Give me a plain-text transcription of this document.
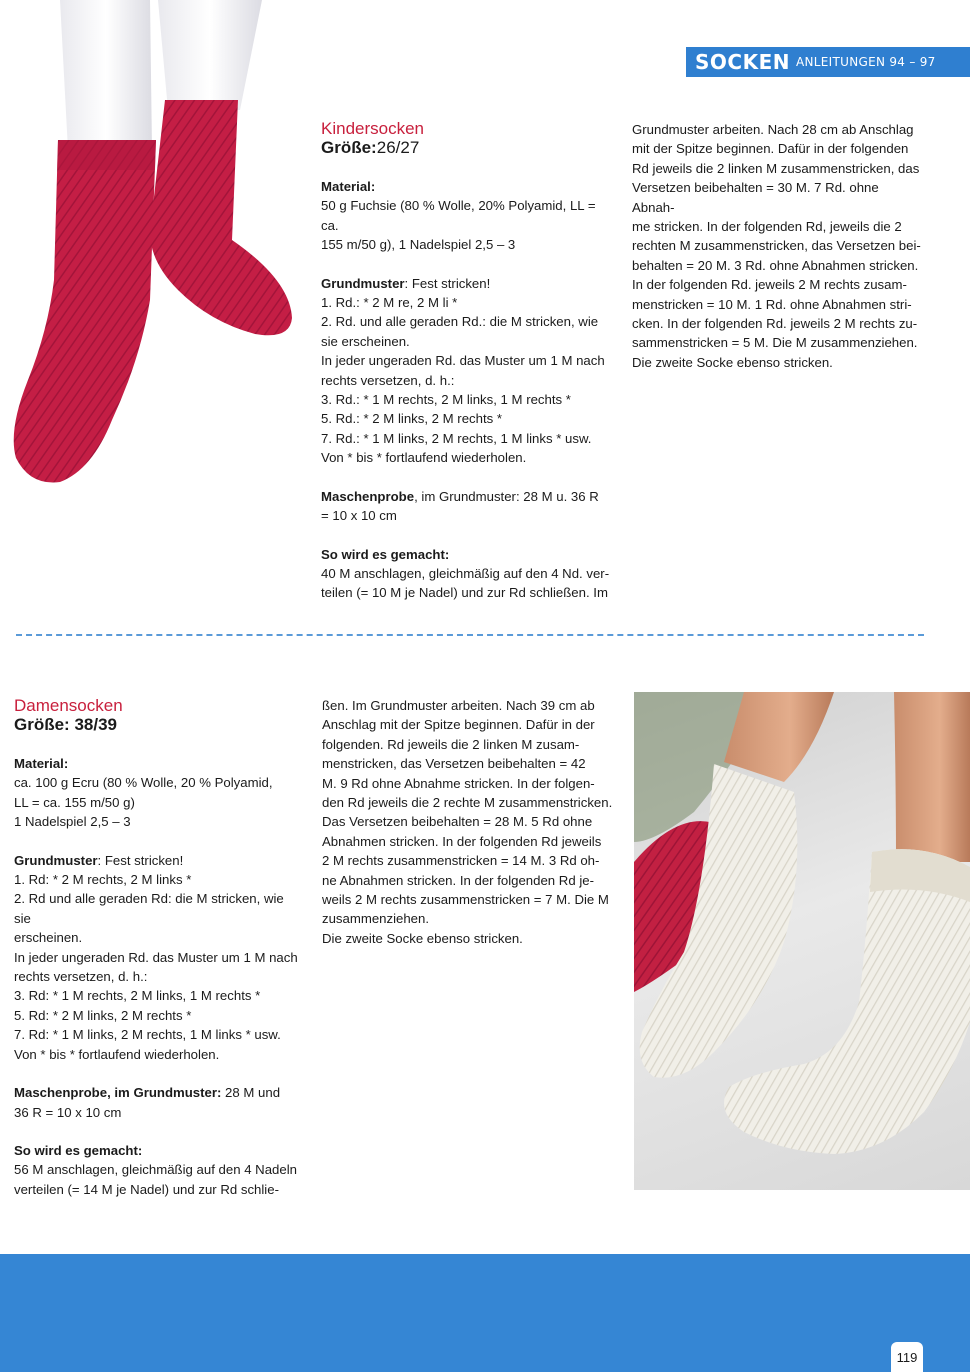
SOCKEN ANLEITUNGEN 94 – 97

Kindersocken

Größe:26/27

Material:

50 g Fuchsie (80 % Wolle, 20% Polyamid, LL = ca.

155 m/50 g), 1 Nadelspiel 2,5 – 3

Grundmuster: Fest stricken!

1. Rd.: * 2 M re, 2 M li *

2. Rd. und alle geraden Rd.: die M stricken, wie

sie erscheinen.

In jeder ungeraden Rd. das Muster um 1 M nach

rechts versetzen, d. h.:

3. Rd.: * 1 M rechts, 2 M links, 1 M rechts *

5. Rd.: * 2 M links, 2 M rechts *

7. Rd.: * 1 M links, 2 M rechts, 1 M links * usw.

Von * bis * fortlaufend wiederholen.

Maschenprobe, im Grundmuster: 28 M u. 36 R

= 10 x 10 cm

So wird es gemacht:

40 M anschlagen, gleichmäßig auf den 4 Nd. ver-

teilen (= 10 M je Nadel) und zur Rd schließen. Im

Grundmuster arbeiten. Nach 28 cm ab Anschlag

mit der Spitze beginnen. Dafür in der folgenden

Rd jeweils die 2 linken M zusammenstricken, das

Versetzen beibehalten = 30 M. 7 Rd. ohne Abnah-

me stricken. In der folgenden Rd, jeweils die 2

rechten M zusammenstricken, das Versetzen bei-

behalten = 20 M. 3 Rd. ohne Abnahmen stricken.

In der folgenden Rd. jeweils 2 M rechts zusam-

menstricken = 10 M. 1 Rd. ohne Abnahmen stri-

cken. In der folgenden Rd. jeweils 2 M rechts zu-

sammenstricken = 5 M. Die M zusammenziehen.

Die zweite Socke ebenso stricken.

Damensocken

Größe: 38/39

Material:

ca. 100 g Ecru (80 % Wolle, 20 % Polyamid,

LL = ca. 155 m/50 g)

1 Nadelspiel 2,5 – 3

Grundmuster: Fest stricken!

1. Rd: * 2 M rechts, 2 M links *

2. Rd und alle geraden Rd: die M stricken, wie sie

erscheinen.

In jeder ungeraden Rd. das Muster um 1 M nach

rechts versetzen, d. h.:

3. Rd: * 1 M rechts, 2 M links, 1 M rechts *

5. Rd: * 2 M links, 2 M rechts *

7. Rd: * 1 M links, 2 M rechts, 1 M links * usw.

Von * bis * fortlaufend wiederholen.

Maschenprobe, im Grundmuster: 28 M und

36 R = 10 x 10 cm

So wird es gemacht:

56 M anschlagen, gleichmäßig auf den 4 Nadeln

verteilen (= 14 M je Nadel) und zur Rd schlie-

ßen. Im Grundmuster arbeiten. Nach 39 cm ab

Anschlag mit der Spitze beginnen. Dafür in der

folgenden. Rd jeweils die 2 linken M zusam-

menstricken, das Versetzen beibehalten = 42

M. 9 Rd ohne Abnahme stricken. In der folgen-

den Rd jeweils die 2 rechte M zusammenstricken.

Das Versetzen beibehalten = 28 M. 5 Rd ohne

Abnahmen stricken. In der folgenden Rd jeweils

2 M rechts zusammenstricken = 14 M. 3 Rd oh-

ne Abnahmen stricken. In der folgenden Rd je-

weils 2 M rechts zusammenstricken = 7 M. Die M

zusammenziehen.

Die zweite Socke ebenso stricken.

119
